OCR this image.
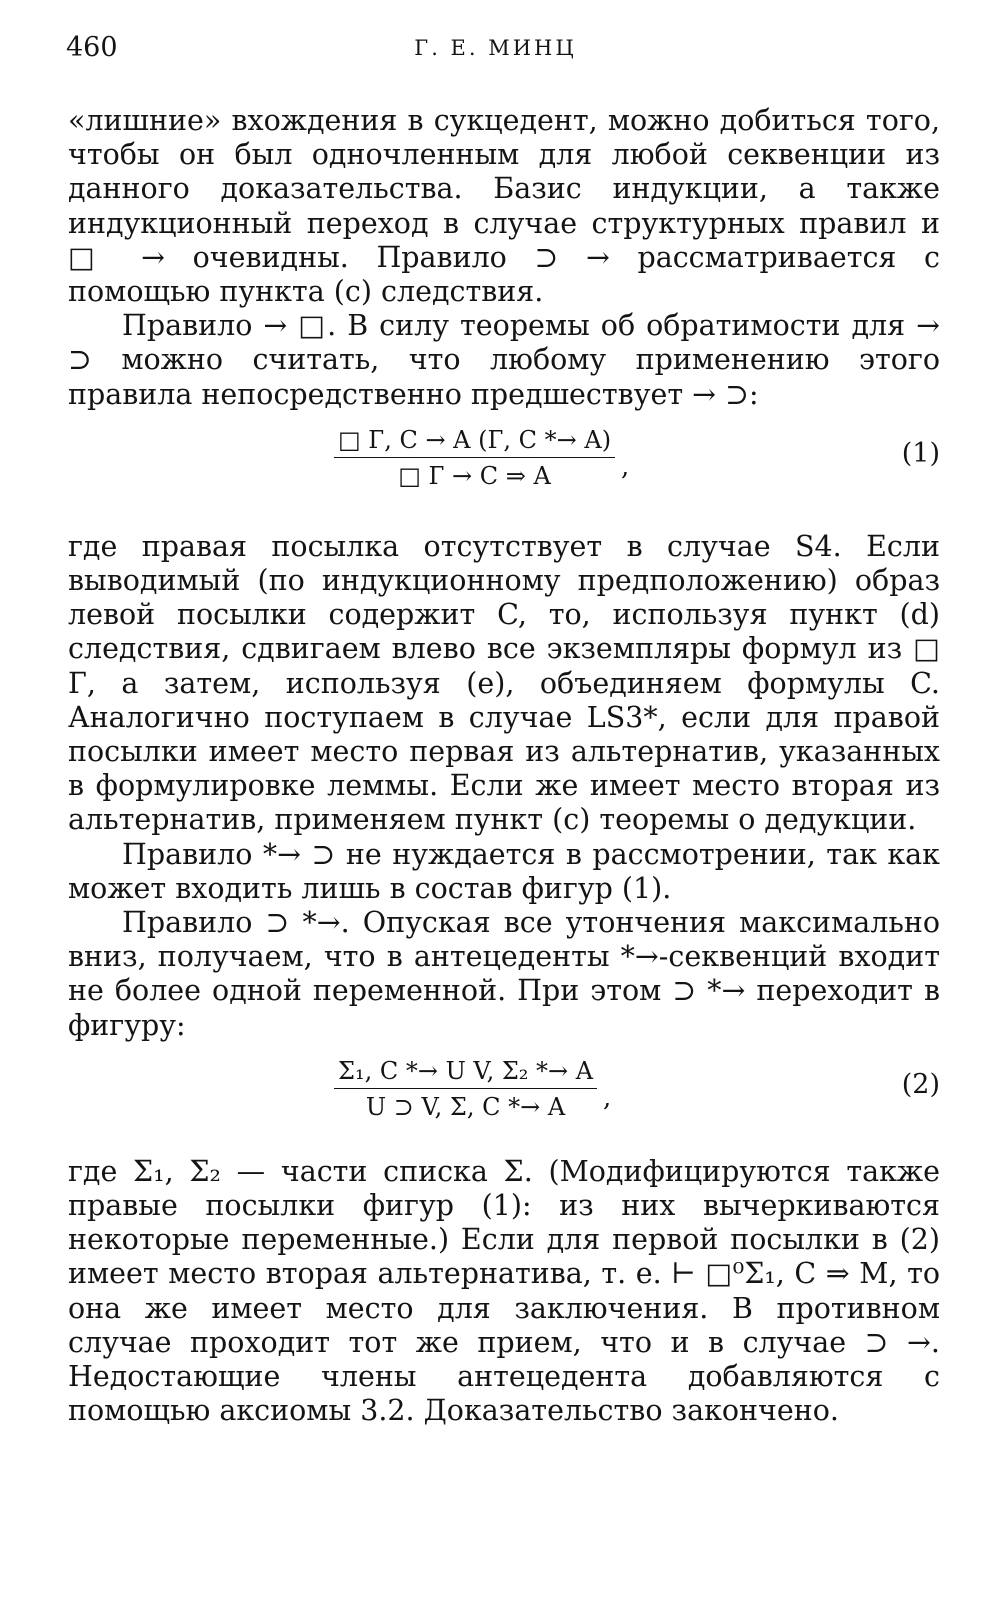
460	Г. Е. МИНЦ

«лишние» вхождения в сукцедент, можно добиться того, чтобы он был одночленным для любой секвенции из данного доказательства. Базис индукции, а также индукционный переход в случае структурных правил и □ → очевидны. Правило ⊃ → рассматривается с помощью пункта (с) следствия.

Правило → □. В силу теоремы об обратимости для → ⊃ можно считать, что любому применению этого правила непосредственно предшествует → ⊃:

$\frac{□ Г, C \to A (Г, C *\to A)}{□ Г \to C \Rightarrow A}$ ,	(1)

где правая посылка отсутствует в случае S4. Если выводимый (по индукционному предположению) образ левой посылки содержит C, то, используя пункт (d) следствия, сдвигаем влево все экземпляры формул из □ Г, а затем, используя (е), объединяем формулы C. Аналогично поступаем в случае LS3*, если для правой посылки имеет место первая из альтернатив, указанных в формулировке леммы. Если же имеет место вторая из альтернатив, применяем пункт (с) теоремы о дедукции.

Правило *→ ⊃ не нуждается в рассмотрении, так как может входить лишь в состав фигур (1).

Правило ⊃ *→. Опуская все утончения максимально вниз, получаем, что в антецеденты *→-секвенций входит не более одной переменной. При этом ⊃ *→ переходит в фигуру:

$\frac{\text{Σ₁, C *→ U V, Σ₂ *→ A}}{U ⊃ V, \Sigma, C *\to A}$ ,	(2)

где Σ₁, Σ₂ — части списка Σ. (Модифицируются также правые посылки фигур (1): из них вычеркиваются некоторые переменные.) Если для первой посылки в (2) имеет место вторая альтернатива, т. е. ⊢ □⁰Σ₁, C ⇒ M, то она же имеет место для заключения. В противном случае проходит тот же прием, что и в случае ⊃ →. Недостающие члены антецедента добавляются с помощью аксиомы 3.2. Доказательство закончено.
